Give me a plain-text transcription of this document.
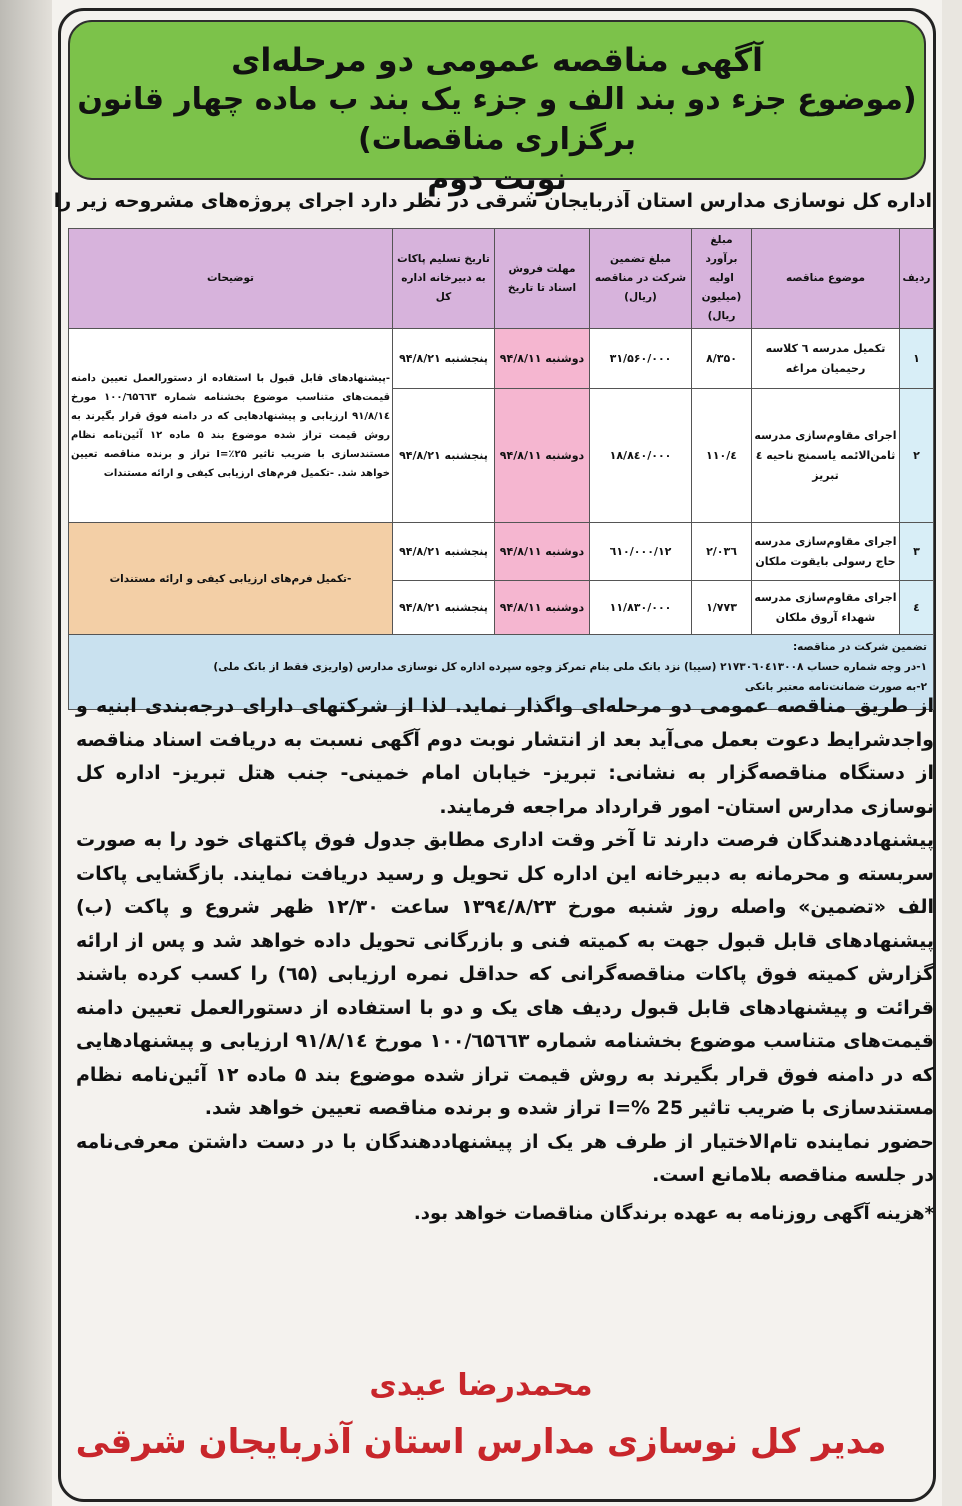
آگهی مناقصه عمومی دو مرحله‌ای
(موضوع جزء دو بند الف و جزء یک بند ب ماده چهار قانون برگزاری مناقصات)
نوبت دوم
اداره کل نوسازی مدارس استان آذربایجان شرقی در نظر دارد اجرای پروژه‌های مشروحه زیر را
ردیف	موضوع مناقصه	مبلغ برآورد اولیه (میلیون ریال)	مبلغ تضمین شرکت در مناقصه (ریال)	مهلت فروش اسناد تا تاریخ	تاریخ تسلیم پاکات به دبیرخانه اداره کل	توضیحات
۱	تکمیل مدرسه ٦ کلاسه رحیمیان مراغه	۸/۳۵۰	۳۱/۵۶۰/۰۰۰	دوشنبه ۹۴/۸/۱۱	پنجشنبه ۹۴/۸/۲۱	-پیشنهادهای قابل قبول با استفاده از دستورالعمل تعیین دامنه قیمت‌های متناسب موضوع بخشنامه شماره ۱۰۰/٦۵٦٦۳ مورخ ۹۱/۸/۱٤ ارزیابی و پیشنهادهایی که در دامنه فوق قرار بگیرند به روش قیمت تراز شده موضوع بند ۵ ماده ۱۲ آئین‌نامه نظام مستندسازی با ضریب تاثیر ۲۵٪=I تراز و برنده مناقصه تعیین خواهد شد. -تکمیل فرم‌های ارزیابی کیفی و ارائه مستندات
۲	اجرای مقاوم‌سازی مدرسه ثامن‌الائمه یاسمنج ناحیه ٤ تبریز	٤/۱۱۰	۱۸/۸٤۰/۰۰۰	دوشنبه ۹۴/۸/۱۱	پنجشنبه ۹۴/۸/۲۱	
۳	اجرای مقاوم‌سازی مدرسه حاج رسولی بایقوت ملکان	۲/۰۳٦	۱۲/٦۱۰/۰۰۰	دوشنبه ۹۴/۸/۱۱	پنجشنبه ۹۴/۸/۲۱	-تکمیل فرم‌های ارزیابی کیفی و ارائه مستندات
٤	اجرای مقاوم‌سازی مدرسه شهداء آروق ملکان	۱/۷۷۳	۱۱/۸۳۰/۰۰۰	دوشنبه ۹۴/۸/۱۱	پنجشنبه ۹۴/۸/۲۱	

تضمین شرکت در مناقصه:
۱-در وجه شماره حساب ۲۱۷۳۰٦۰٤۱۳۰۰۸ (سیبا) نزد بانک ملی بنام تمرکز وجوه سپرده اداره کل نوسازی مدارس (واریزی فقط از بانک ملی)
۲-به صورت ضمانت‌نامه معتبر بانکی						

از طریق مناقصه عمومی دو مرحله‌ای واگذار نماید. لذا از شرکتهای دارای درجه‌بندی ابنیه و واجدشرایط دعوت بعمل می‌آید بعد از انتشار نوبت دوم آگهی نسبت به دریافت اسناد مناقصه از دستگاه مناقصه‌گزار به نشانی: تبریز- خیابان امام خمینی- جنب هتل تبریز- اداره کل نوسازی مدارس استان- امور قرارداد مراجعه فرمایند.

پیشنهاددهندگان فرصت دارند تا آخر وقت اداری مطابق جدول فوق پاکتهای خود را به صورت سربسته و محرمانه به دبیرخانه این اداره کل تحویل و رسید دریافت نمایند. بازگشایی پاکات الف «تضمین» واصله روز شنبه مورخ ۱۳۹٤/۸/۲۳ ساعت ۱۲/۳۰ ظهر شروع و پاکت (ب) پیشنهادهای قابل قبول جهت به کمیته فنی و بازرگانی تحویل داده خواهد شد و پس از ارائه گزارش کمیته فوق پاکات مناقصه‌گرانی که حداقل نمره ارزیابی (٦۵) را کسب کرده باشند قرائت و پیشنهادهای قابل قبول ردیف های یک و دو با استفاده از دستورالعمل تعیین دامنه قیمت‌های متناسب موضوع بخشنامه شماره ۱۰۰/٦۵٦٦۳ مورخ ۹۱/۸/۱٤ ارزیابی و پیشنهادهایی که در دامنه فوق قرار بگیرند به روش قیمت تراز شده موضوع بند ۵ ماده ۱۲ آئین‌نامه نظام مستندسازی با ضریب تاثیر 25 %=I تراز شده و برنده مناقصه تعیین خواهد شد.

حضور نماینده تام‌الاختیار از طرف هر یک از پیشنهاددهندگان با در دست داشتن معرفی‌نامه در جلسه مناقصه بلامانع است.

*هزینه آگهی روزنامه به عهده برندگان مناقصات خواهد بود.

محمدرضا عیدی
مدیر کل نوسازی مدارس استان آذربایجان شرقی
